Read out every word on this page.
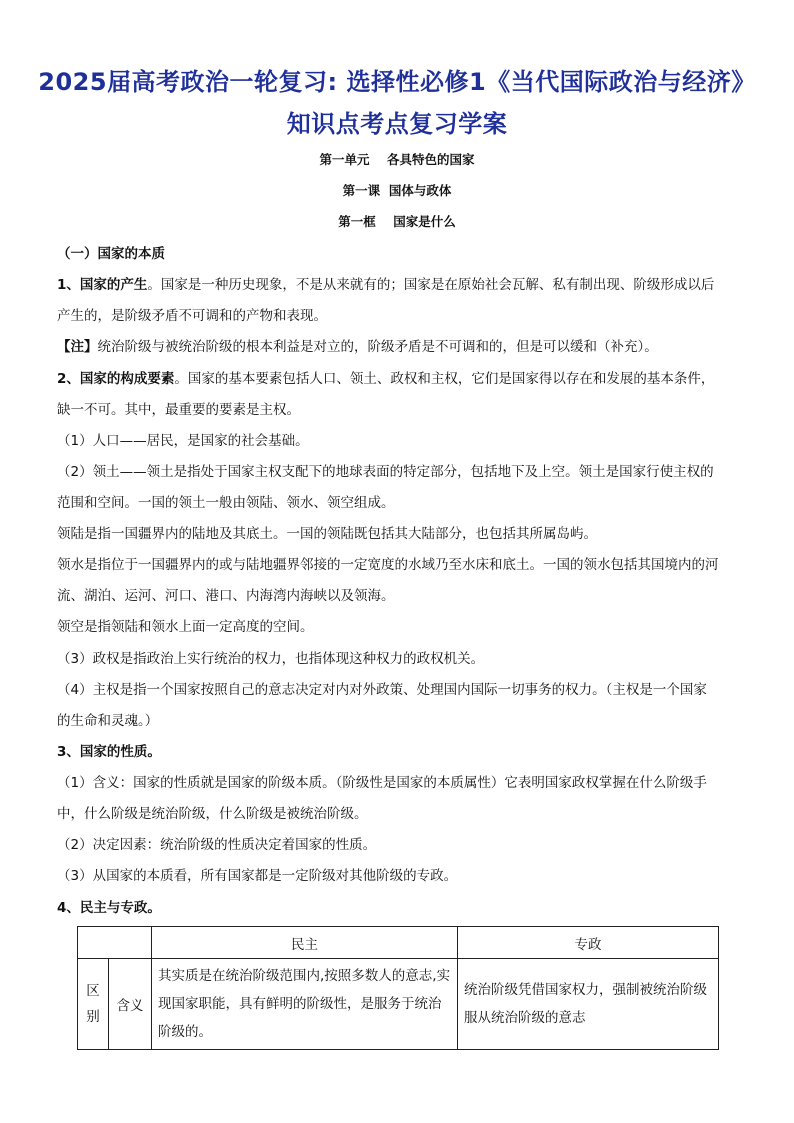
2025届高考政治一轮复习: 选择性必修1《当代国际政治与经济》
知识点考点复习学案
第一单元    各具特色的国家
第一课  国体与政体
第一框    国家是什么
（一）国家的本质
1、国家的产生。国家是一种历史现象，不是从来就有的；国家是在原始社会瓦解、私有制出现、阶级形成以后
产生的，是阶级矛盾不可调和的产物和表现。
【注】统治阶级与被统治阶级的根本利益是对立的，阶级矛盾是不可调和的，但是可以缓和（补充）。
2、国家的构成要素。国家的基本要素包括人口、领土、政权和主权，它们是国家得以存在和发展的基本条件，
缺一不可。其中，最重要的要素是主权。
（1）人口——居民，是国家的社会基础。
（2）领土——领土是指处于国家主权支配下的地球表面的特定部分，包括地下及上空。领土是国家行使主权的
范围和空间。一国的领土一般由领陆、领水、领空组成。
领陆是指一国疆界内的陆地及其底土。一国的领陆既包括其大陆部分，也包括其所属岛屿。
领水是指位于一国疆界内的或与陆地疆界邻接的一定宽度的水域乃至水床和底土。一国的领水包括其国境内的河
流、湖泊、运河、河口、港口、内海湾内海峡以及领海。
领空是指领陆和领水上面一定高度的空间。
（3）政权是指政治上实行统治的权力，也指体现这种权力的政权机关。
（4）主权是指一个国家按照自己的意志决定对内对外政策、处理国内国际一切事务的权力。（主权是一个国家
的生命和灵魂。）
3、国家的性质。
（1）含义：国家的性质就是国家的阶级本质。（阶级性是国家的本质属性）它表明国家政权掌握在什么阶级手
中，什么阶级是统治阶级，什么阶级是被统治阶级。
（2）决定因素：统治阶级的性质决定着国家的性质。
（3）从国家的本质看，所有国家都是一定阶级对其他阶级的专政。
4、民主与专政。
		民主	专政
区别	含义	其实质是在统治阶级范围内,按照多数人的意志,实现国家职能，具有鲜明的阶级性，是服务于统治阶级的。	统治阶级凭借国家权力，强制被统治阶级服从统治阶级的意志
